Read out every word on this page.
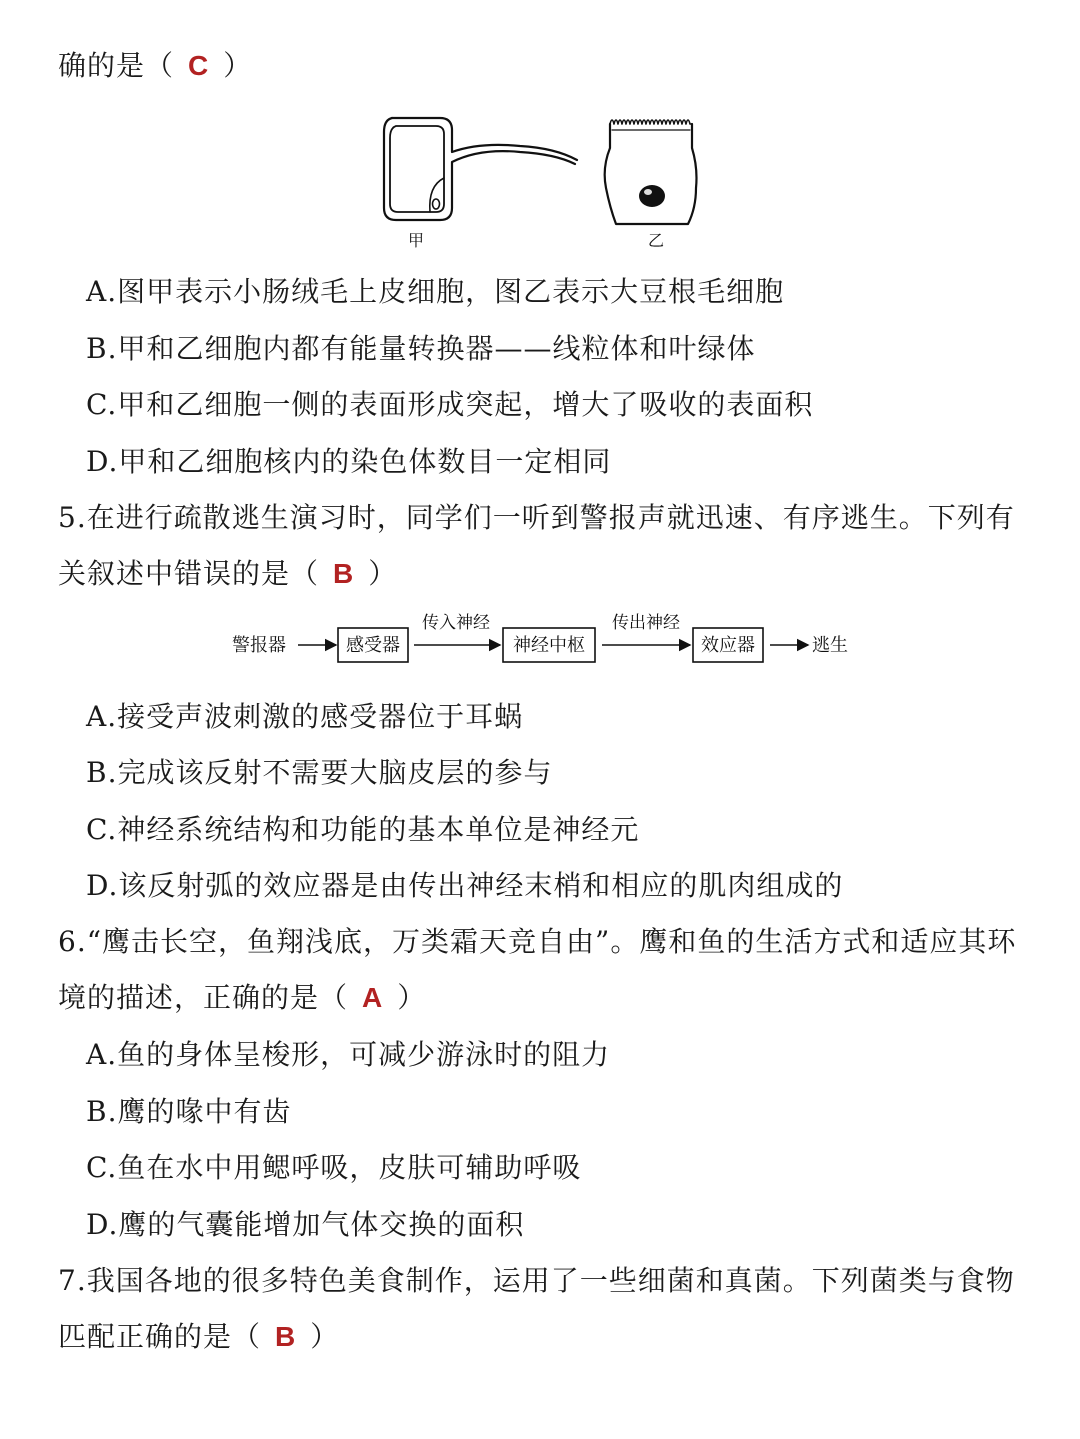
确的是（ C ）
甲	乙
A.图甲表示小肠绒毛上皮细胞，图乙表示大豆根毛细胞
B.甲和乙细胞内都有能量转换器——线粒体和叶绿体
C.甲和乙细胞一侧的表面形成突起，增大了吸收的表面积
D.甲和乙细胞核内的染色体数目一定相同
5.在进行疏散逃生演习时，同学们一听到警报声就迅速、有序逃生。下列有
关叙述中错误的是（ B ）
警报器	感受器
传入神经
神经中枢
传出神经
效应器	逃生
A.接受声波刺激的感受器位于耳蜗
B.完成该反射不需要大脑皮层的参与
C.神经系统结构和功能的基本单位是神经元
D.该反射弧的效应器是由传出神经末梢和相应的肌肉组成的
6.“鹰击长空，鱼翔浅底，万类霜天竞自由”。鹰和鱼的生活方式和适应其环
境的描述，正确的是（ A ）
A.鱼的身体呈梭形，可减少游泳时的阻力
B.鹰的喙中有齿
C.鱼在水中用鳃呼吸，皮肤可辅助呼吸
D.鹰的气囊能增加气体交换的面积
7.我国各地的很多特色美食制作，运用了一些细菌和真菌。下列菌类与食物
匹配正确的是（ B ）
